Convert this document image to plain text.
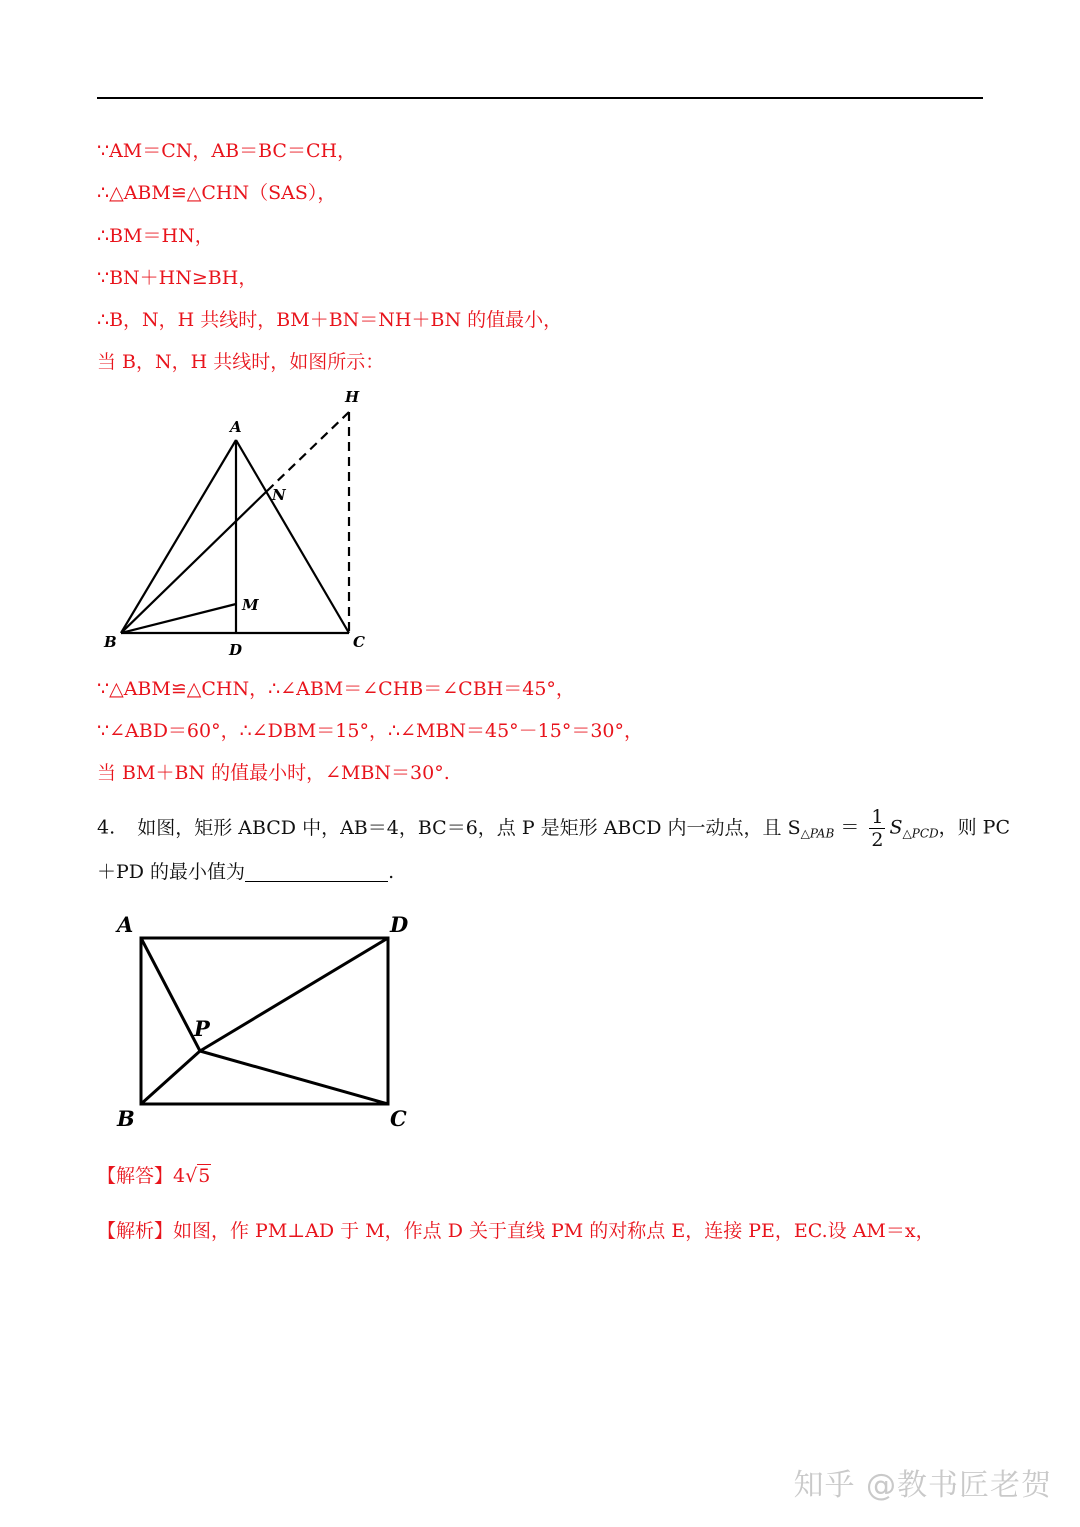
∵AM＝CN，AB＝BC＝CH，
∴△ABM≌△CHN（SAS），
∴BM＝HN，
∵BN＋HN≥BH，
∴B，N，H 共线时，BM＋BN＝NH＋BN 的值最小，
当 B，N，H 共线时，如图所示：
A
B	C
D
H
N
M
∵△ABM≌△CHN，∴∠ABM＝∠CHB＝∠CBH＝45°，
∵∠ABD＝60°，∴∠DBM＝15°，∴∠MBN＝45°－15°＝30°，
当 BM＋BN 的值最小时，∠MBN＝30°.
4. 如图，矩形 ABCD 中，AB＝4，BC＝6，点 P 是矩形 ABCD 内一动点，且 $S_{\triangle PAB} = \frac{1}{2} S_{\triangle PCD}$，则 PC
＋PD 的最小值为	.
A	D
B	C
P
【解答】4√5
【解析】如图，作 PM⊥AD 于 M，作点 D 关于直线 PM 的对称点 E，连接 PE，EC.设 AM＝x，
知乎 @教书匠老贺
